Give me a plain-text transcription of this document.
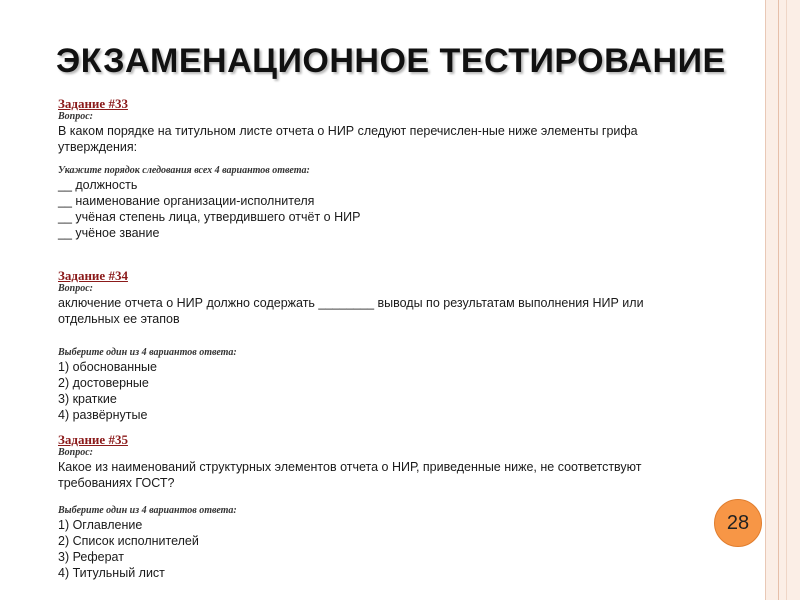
ЭКЗАМЕНАЦИОННОЕ ТЕСТИРОВАНИЕ
Задание #33
Вопрос:
В каком порядке на титульном листе отчета о НИР следуют перечислен-ные ниже элементы грифа утверждения:
Укажите порядок следования всех 4 вариантов ответа:
__ должность
__ наименование организации-исполнителя
__ учёная степень лица, утвердившего отчёт о НИР
__ учёное звание
Задание #34
Вопрос:
аключение отчета о НИР должно содержать ________ выводы по результатам выполнения НИР или отдельных ее этапов
Выберите один из 4 вариантов ответа:
1) обоснованные
2) достоверные
3) краткие
4) развёрнутые
Задание #35
Вопрос:
Какое из наименований структурных элементов отчета о НИР, приведенные ниже, не соответствуют требованиях ГОСТ?
Выберите один из 4 вариантов ответа:
1) Оглавление
2) Список исполнителей
3) Реферат
4) Титульный лист
28
